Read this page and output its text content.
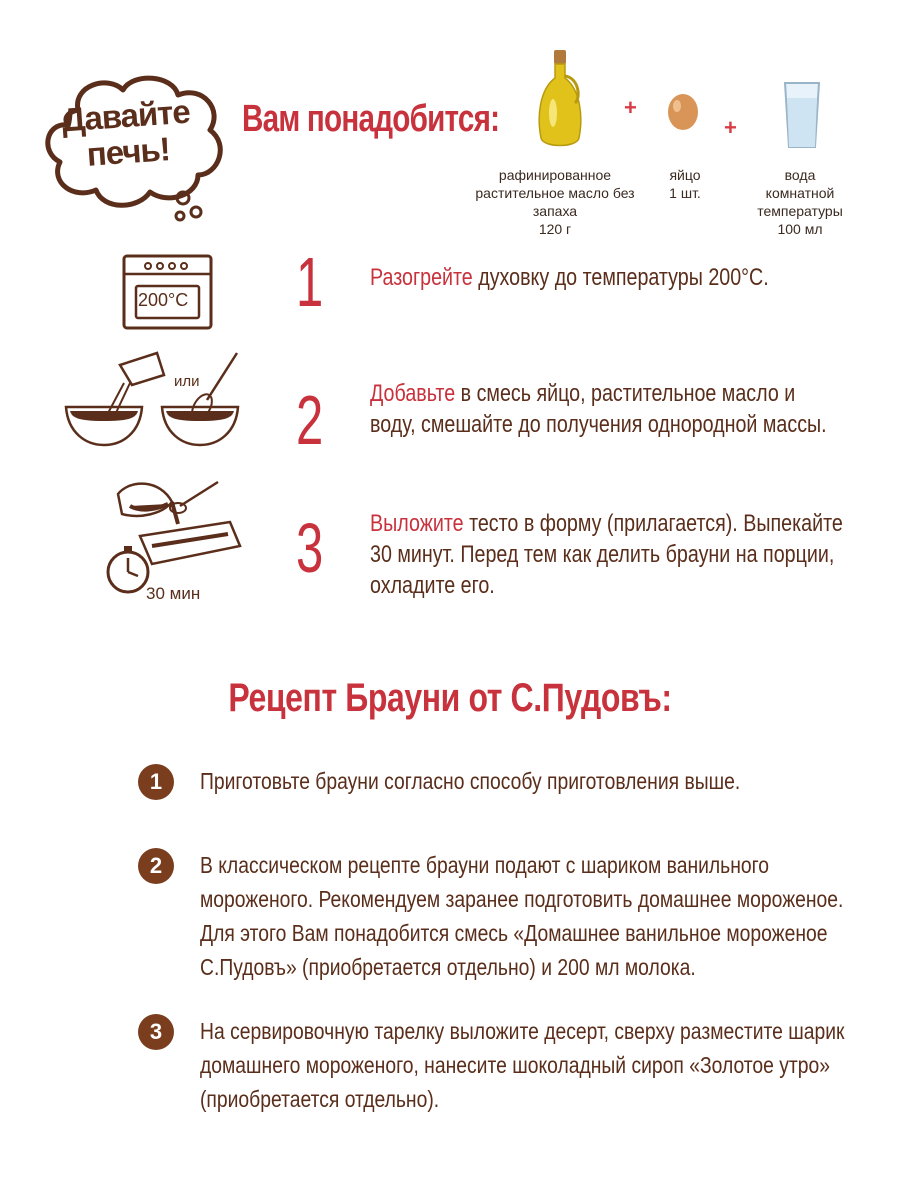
Давайте печь!
Вам понадобится:	+
+
рафинированное
растительное масло без запаха
120 г
яйцо
1 шт.
вода
комнатной температуры
100 мл
200°С 1 Разогрейте духовку до температуры 200°С.
или 2 Добавьте в смесь яйцо, растительное масло и
воду, смешайте до получения однородной массы.
30 мин
3 Выложите тесто в форму (прилагается). Выпекайте
30 минут. Перед тем как делить брауни на порции,
охладите его.
Рецепт Брауни от С.Пудовъ:
1	Приготовьте брауни согласно способу приготовления выше.
2	В классическом рецепте брауни подают с шариком ванильного
мороженого. Рекомендуем заранее подготовить домашнее мороженое.
Для этого Вам понадобится смесь «Домашнее ванильное мороженое
С.Пудовъ» (приобретается отдельно) и 200 мл молока.
3	На сервировочную тарелку выложите десерт, сверху разместите шарик
домашнего мороженого, нанесите шоколадный сироп «Золотое утро»
(приобретается отдельно).
